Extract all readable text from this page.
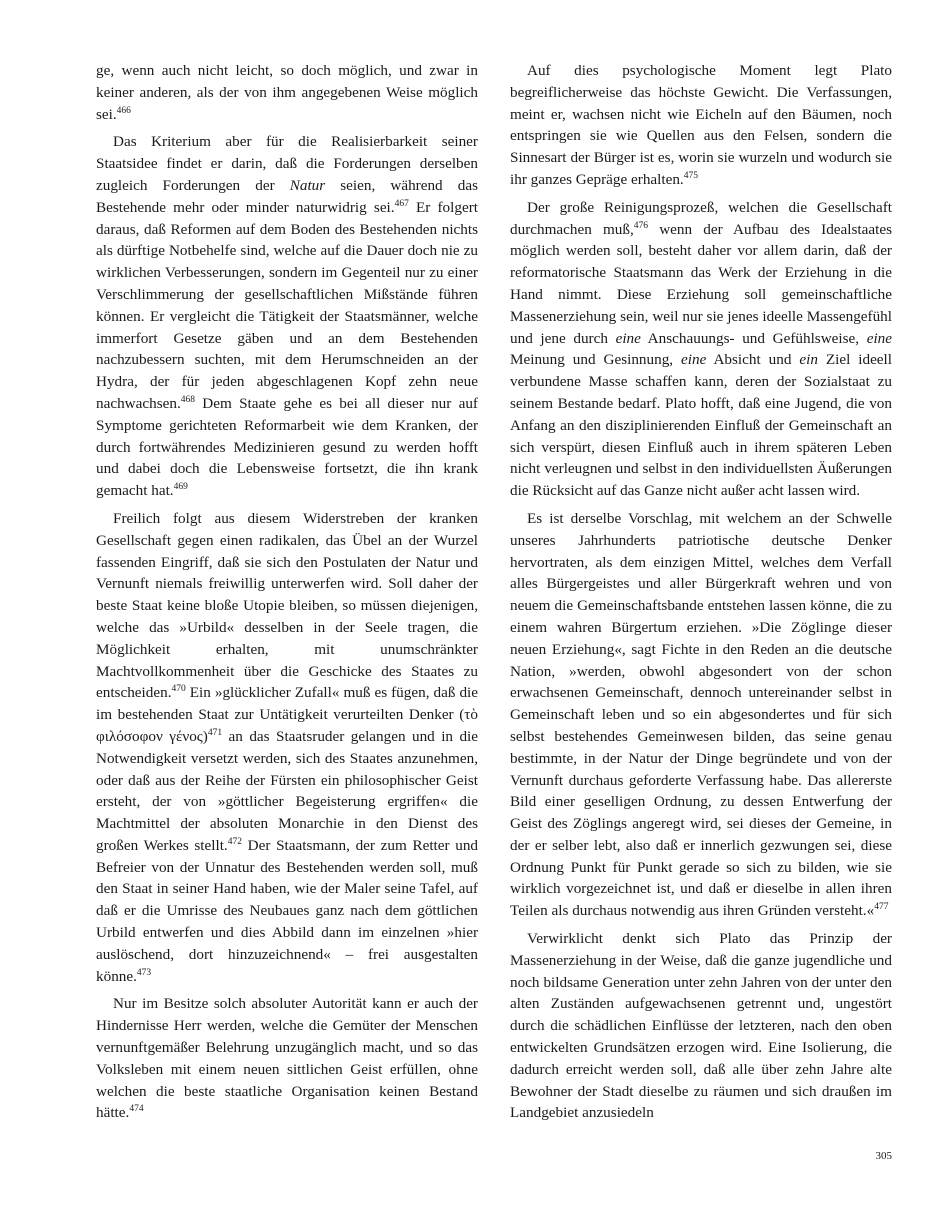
ge, wenn auch nicht leicht, so doch möglich, und zwar in keiner anderen, als der von ihm angegebenen Weise möglich sei.$^{466}$

Das Kriterium aber für die Realisierbarkeit seiner Staatsidee findet er darin, daß die Forderungen derselben zugleich Forderungen der Natur seien, während das Bestehende mehr oder minder naturwidrig sei.$^{467}$ Er folgert daraus, daß Reformen auf dem Boden des Bestehenden nichts als dürftige Notbehelfe sind, welche auf die Dauer doch nie zu wirklichen Verbesserungen, sondern im Gegenteil nur zu einer Verschlimmerung der gesellschaftlichen Mißstände führen können. Er vergleicht die Tätigkeit der Staatsmänner, welche immerfort Gesetze gäben und an dem Bestehenden nachzubessern suchten, mit dem Herumschneiden an der Hydra, der für jeden abgeschlagenen Kopf zehn neue nachwachsen.$^{468}$ Dem Staate gehe es bei all dieser nur auf Symptome gerichteten Reformarbeit wie dem Kranken, der durch fortwährendes Medizinieren gesund zu werden hofft und dabei doch die Lebensweise fortsetzt, die ihn krank gemacht hat.$^{469}$

Freilich folgt aus diesem Widerstreben der kranken Gesellschaft gegen einen radikalen, das Übel an der Wurzel fassenden Eingriff, daß sie sich den Postulaten der Natur und Vernunft niemals freiwillig unterwerfen wird. Soll daher der beste Staat keine bloße Utopie bleiben, so müssen diejenigen, welche das »Urbild« desselben in der Seele tragen, die Möglichkeit erhalten, mit unumschränkter Machtvollkommenheit über die Geschicke des Staates zu entscheiden.$^{470}$ Ein »glücklicher Zufall« muß es fügen, daß die im bestehenden Staat zur Untätigkeit verurteilten Denker (τὸ φιλόσοφον γένος)$^{471}$ an das Staatsruder gelangen und in die Notwendigkeit versetzt werden, sich des Staates anzunehmen, oder daß aus der Reihe der Fürsten ein philosophischer Geist ersteht, der von »göttlicher Begeisterung ergriffen« die Machtmittel der absoluten Monarchie in den Dienst des großen Werkes stellt.$^{472}$ Der Staatsmann, der zum Retter und Befreier von der Unnatur des Bestehenden werden soll, muß den Staat in seiner Hand haben, wie der Maler seine Tafel, auf daß er die Umrisse des Neubaues ganz nach dem göttlichen Urbild entwerfen und dies Abbild dann im einzelnen »hier auslöschend, dort hinzuzeichnend« – frei ausgestalten könne.$^{473}$

Nur im Besitze solch absoluter Autorität kann er auch der Hindernisse Herr werden, welche die Gemüter der Menschen vernunftgemäßer Belehrung unzugänglich macht, und so das Volksleben mit einem neuen sittlichen Geist erfüllen, ohne welchen die beste staatliche Organisation keinen Bestand hätte.$^{474}$

Auf dies psychologische Moment legt Plato begreiflicherweise das höchste Gewicht. Die Verfassungen, meint er, wachsen nicht wie Eicheln auf den Bäumen, noch entspringen sie wie Quellen aus den Felsen, sondern die Sinnesart der Bürger ist es, worin sie wurzeln und wodurch sie ihr ganzes Gepräge erhalten.$^{475}$

Der große Reinigungsprozeß, welchen die Gesellschaft durchmachen muß,$^{476}$ wenn der Aufbau des Idealstaates möglich werden soll, besteht daher vor allem darin, daß der reformatorische Staatsmann das Werk der Erziehung in die Hand nimmt. Diese Erziehung soll gemeinschaftliche Massenerziehung sein, weil nur sie jenes ideelle Massengefühl und jene durch eine Anschauungs- und Gefühlsweise, eine Meinung und Gesinnung, eine Absicht und ein Ziel ideell verbundene Masse schaffen kann, deren der Sozialstaat zu seinem Bestande bedarf. Plato hofft, daß eine Jugend, die von Anfang an den disziplinierenden Einfluß der Gemeinschaft an sich verspürt, diesen Einfluß auch in ihrem späteren Leben nicht verleugnen und selbst in den individuellsten Äußerungen die Rücksicht auf das Ganze nicht außer acht lassen wird.

Es ist derselbe Vorschlag, mit welchem an der Schwelle unseres Jahrhunderts patriotische deutsche Denker hervortraten, als dem einzigen Mittel, welches dem Verfall alles Bürgergeistes und aller Bürgerkraft wehren und von neuem die Gemeinschaftsbande entstehen lassen könne, die zu einem wahren Bürgertum erziehen. »Die Zöglinge dieser neuen Erziehung«, sagt Fichte in den Reden an die deutsche Nation, »werden, obwohl abgesondert von der schon erwachsenen Gemeinschaft, dennoch untereinander selbst in Gemeinschaft leben und so ein abgesondertes und für sich selbst bestehendes Gemeinwesen bilden, das seine genau bestimmte, in der Natur der Dinge begründete und von der Vernunft durchaus geforderte Verfassung habe. Das allererste Bild einer geselligen Ordnung, zu dessen Entwerfung der Geist des Zöglings angeregt wird, sei dieses der Gemeine, in der er selber lebt, also daß er innerlich gezwungen sei, diese Ordnung Punkt für Punkt gerade so sich zu bilden, wie sie wirklich vorgezeichnet ist, und daß er dieselbe in allen ihren Teilen als durchaus notwendig aus ihren Gründen versteht.«$^{477}$

Verwirklicht denkt sich Plato das Prinzip der Massenerziehung in der Weise, daß die ganze jugendliche und noch bildsame Generation unter zehn Jahren von der unter den alten Zuständen aufgewachsenen getrennt und, ungestört durch die schädlichen Einflüsse der letzteren, nach den oben entwickelten Grundsätzen erzogen wird. Eine Isolierung, die dadurch erreicht werden soll, daß alle über zehn Jahre alte Bewohner der Stadt dieselbe zu räumen und sich draußen im Landgebiet anzusiedeln

305
